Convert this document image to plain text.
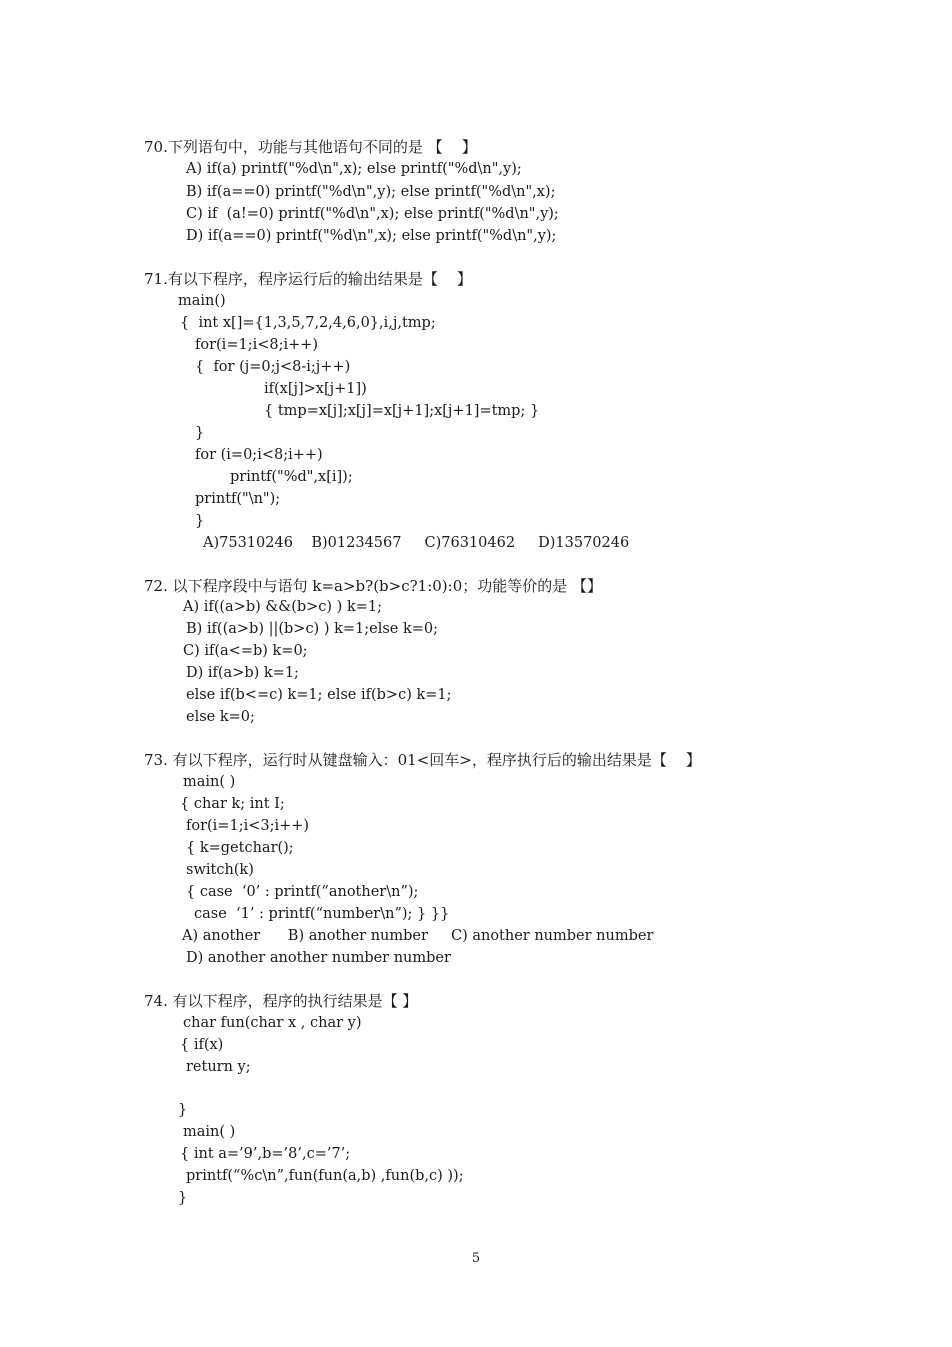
70.下列语句中，功能与其他语句不同的是 【    】
A) if(a) printf("%d\n",x); else printf("%d\n",y);
B) if(a==0) printf("%d\n",y); else printf("%d\n",x);
C) if  (a!=0) printf("%d\n",x); else printf("%d\n",y);
D) if(a==0) printf("%d\n",x); else printf("%d\n",y);
71.有以下程序，程序运行后的输出结果是【    】
main()
{  int x[]={1,3,5,7,2,4,6,0},i,j,tmp;
for(i=1;i<8;i++)
{  for (j=0;j<8-i;j++)
if(x[j]>x[j+1])
{ tmp=x[j];x[j]=x[j+1];x[j+1]=tmp; }
}
for (i=0;i<8;i++)
printf("%d",x[i]);
printf("\n");
}
A)75310246    B)01234567     C)76310462     D)13570246
72. 以下程序段中与语句 k=a>b?(b>c?1:0):0；功能等价的是 【】
A) if((a>b) &&(b>c) ) k=1;
B) if((a>b) ||(b>c) ) k=1;else k=0;
C) if(a<=b) k=0;
D) if(a>b) k=1;
else if(b<=c) k=1; else if(b>c) k=1;
else k=0;
73. 有以下程序，运行时从键盘输入：01<回车>，程序执行后的输出结果是【    】
main( )
{ char k; int I;
for(i=1;i<3;i++)
{ k=getchar();
switch(k)
{ case  ‘0’ : printf(“another\n”);
case  ‘1’ : printf(“number\n”); } }}
A) another      B) another number     C) another number number
D) another another number number
74. 有以下程序，程序的执行结果是【 】
char fun(char x , char y)
{ if(x)
return y;
}
main( )
{ int a=’9’,b=’8’,c=’7’;
printf(“%c\n”,fun(fun(a,b) ,fun(b,c) ));
}
5
